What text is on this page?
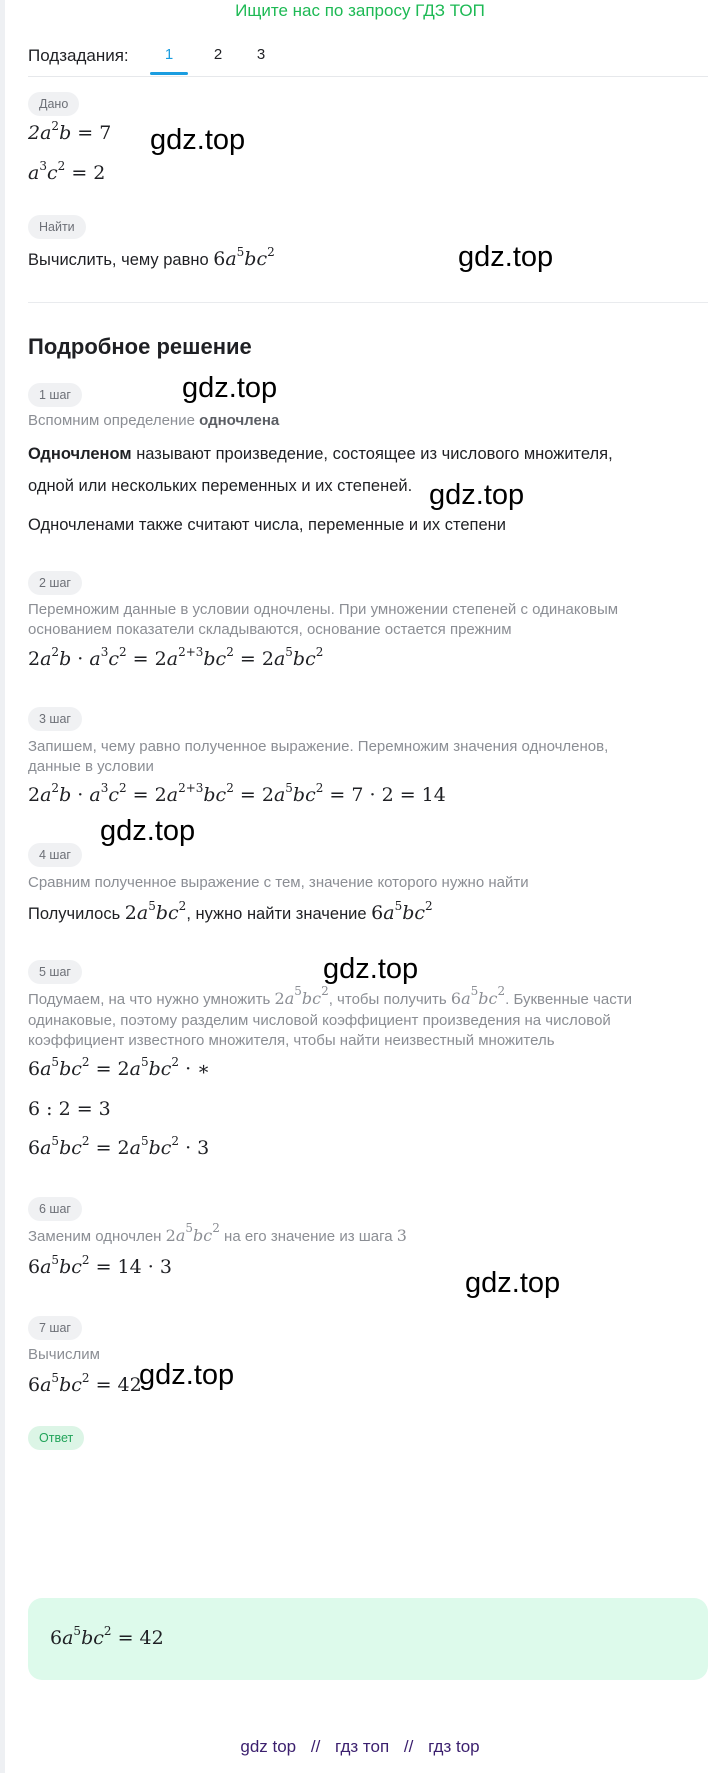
Ищите нас по запросу ГДЗ ТОП
Подзадания:	1	2	3
Дано
$2a^2b = 7$
$a^3c^2 = 2$
Найти
Вычислить, чему равно $6a^5bc^2$
Подробное решение
1 шаг
Вспомним определение одночлена
Одночленом называют произведение, состоящее из числового множителя,
одной или нескольких переменных и их степеней.
Одночленами также считают числа, переменные и их степени
2 шаг
Перемножим данные в условии одночлены. При умножении степеней с одинаковым
основанием показатели складываются, основание остается прежним
$2a^2b \cdot a^3c^2 = 2a^{2+3}bc^2 = 2a^5bc^2$
3 шаг
Запишем, чему равно полученное выражение. Перемножим значения одночленов,
данные в условии
$2a^2b \cdot a^3c^2 = 2a^{2+3}bc^2 = 2a^5bc^2 = 7 \cdot 2 = 14$
4 шаг
Сравним полученное выражение с тем, значение которого нужно найти
Получилось $2a^5bc^2$, нужно найти значение $6a^5bc^2$
5 шаг
Подумаем, на что нужно умножить $2a^5bc^2$, чтобы получить $6a^5bc^2$. Буквенные части
одинаковые, поэтому разделим числовой коэффициент произведения на числовой
коэффициент известного множителя, чтобы найти неизвестный множитель
$6a^5bc^2 = 2a^5bc^2$ · ∗
6 : 2 = 3
$6a^5bc^2 = 2a^5bc^2 \cdot 3$
6 шаг
Заменим одночлен $2a^5bc^2$ на его значение из шага 3
$6a^5bc^2 = 14 \cdot 3$
7 шаг
Вычислим
$6a^5bc^2 = 42$
Ответ
$6a^5bc^2 = 42$
gdz.top
gdz.top
gdz.top
gdz.top
gdz.top
gdz.top
gdz.top
gdz.top
gdz top // гдз топ // гдз top
